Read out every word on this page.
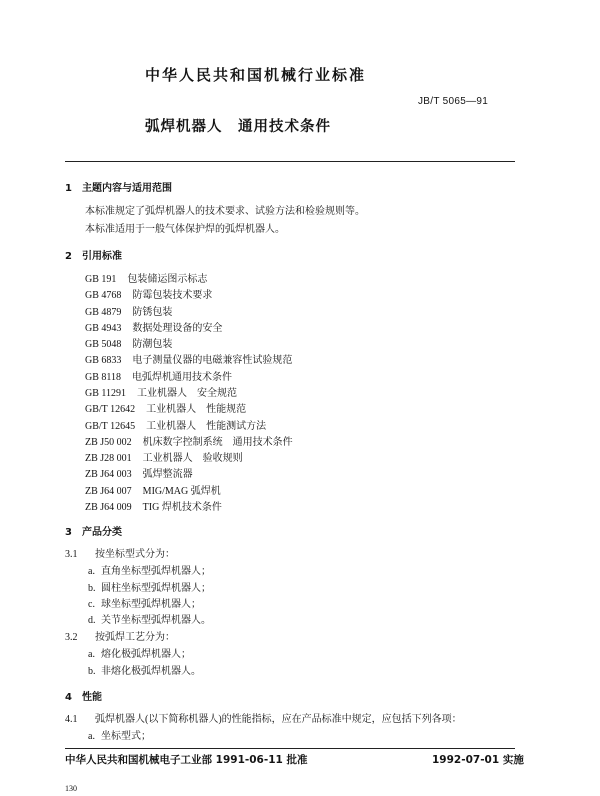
中华人民共和国机械行业标准
JB/T 5065—91
弧焊机器人　通用技术条件
1 主题内容与适用范围
本标准规定了弧焊机器人的技术要求、试验方法和检验规则等。
本标准适用于一般气体保护焊的弧焊机器人。
2 引用标准
GB 191 包装储运图示标志
GB 4768 防霉包装技术要求
GB 4879 防锈包装
GB 4943 数据处理设备的安全
GB 5048 防潮包装
GB 6833 电子测量仪器的电磁兼容性试验规范
GB 8118 电弧焊机通用技术条件
GB 11291 工业机器人　安全规范
GB/T 12642 工业机器人　性能规范
GB/T 12645 工业机器人　性能测试方法
ZB J50 002 机床数字控制系统　通用技术条件
ZB J28 001 工业机器人　验收规则
ZB J64 003 弧焊整流器
ZB J64 007 MIG/MAG 弧焊机
ZB J64 009 TIG 焊机技术条件
3 产品分类
3.1 按坐标型式分为：
a. 直角坐标型弧焊机器人；
b. 圆柱坐标型弧焊机器人；
c. 球坐标型弧焊机器人；
d. 关节坐标型弧焊机器人。
3.2 按弧焊工艺分为：
a. 熔化极弧焊机器人；
b. 非熔化极弧焊机器人。
4 性能
4.1 弧焊机器人(以下简称机器人)的性能指标，应在产品标准中规定，应包括下列各项：
a. 坐标型式；
中华人民共和国机械电子工业部 1991-06-11 批准	1992-07-01 实施
130
